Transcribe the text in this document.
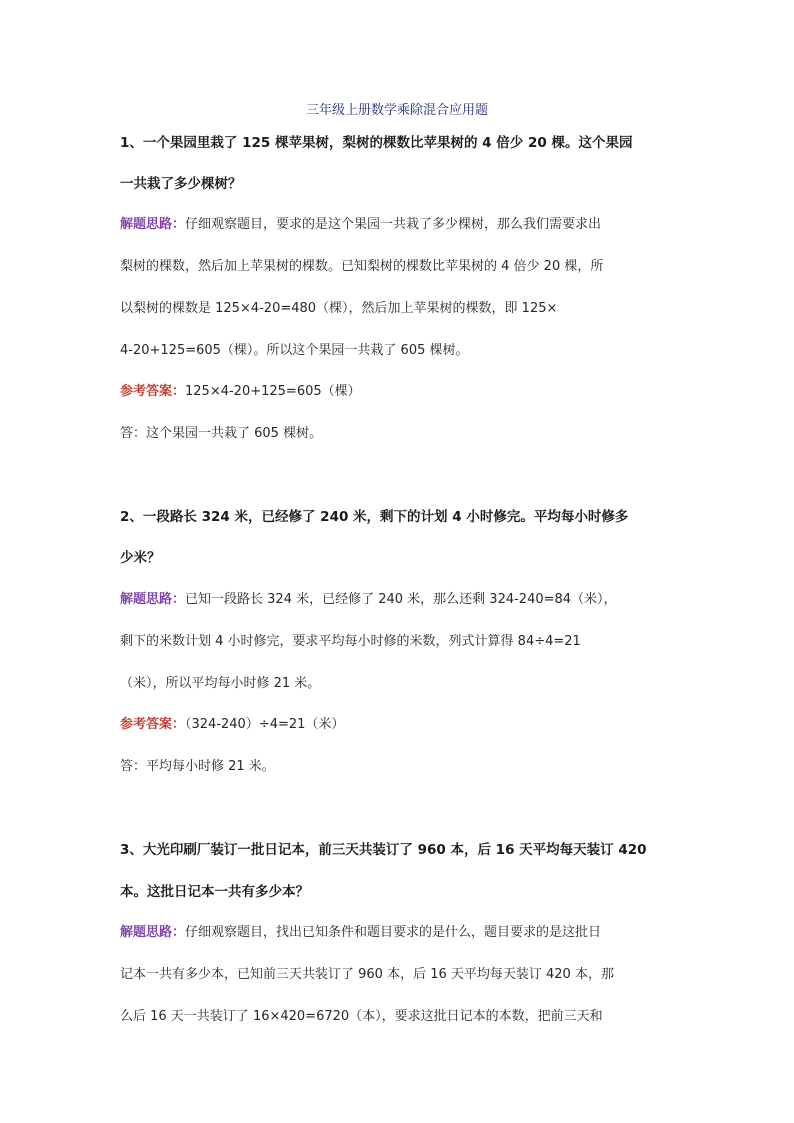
三年级上册数学乘除混合应用题
1、一个果园里栽了 125 棵苹果树，梨树的棵数比苹果树的 4 倍少 20 棵。这个果园
一共栽了多少棵树？
解题思路：仔细观察题目，要求的是这个果园一共栽了多少棵树，那么我们需要求出
梨树的棵数，然后加上苹果树的棵数。已知梨树的棵数比苹果树的 4 倍少 20 棵，所
以梨树的棵数是 125×4-20=480（棵），然后加上苹果树的棵数，即 125×
4-20+125=605（棵）。所以这个果园一共栽了 605 棵树。
参考答案：125×4-20+125=605（棵）
答：这个果园一共栽了 605 棵树。
2、一段路长 324 米，已经修了 240 米，剩下的计划 4 小时修完。平均每小时修多
少米？
解题思路：已知一段路长 324 米，已经修了 240 米，那么还剩 324-240=84（米），
剩下的米数计划 4 小时修完，要求平均每小时修的米数，列式计算得 84÷4=21
（米），所以平均每小时修 21 米。
参考答案：（324-240）÷4=21（米）
答：平均每小时修 21 米。
3、大光印刷厂装订一批日记本，前三天共装订了 960 本，后 16 天平均每天装订 420
本。这批日记本一共有多少本？
解题思路：仔细观察题目，找出已知条件和题目要求的是什么，题目要求的是这批日
记本一共有多少本，已知前三天共装订了 960 本，后 16 天平均每天装订 420 本，那
么后 16 天一共装订了 16×420=6720（本），要求这批日记本的本数，把前三天和
